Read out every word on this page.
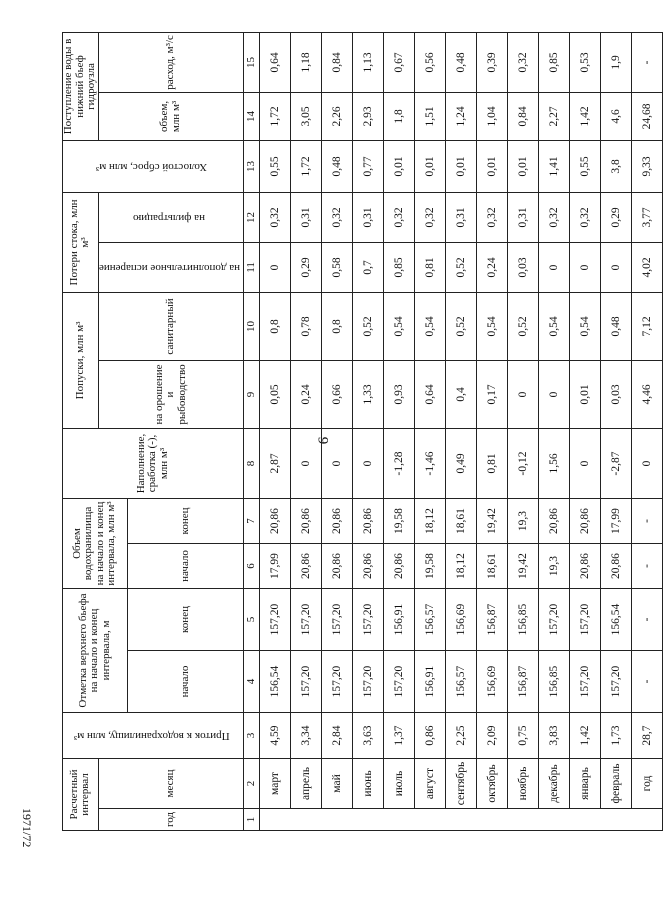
9
Расчетный интервал		Приток к водохранилищу, млн м³	Отметка верхнего бьефа на начало и конец интервала, м		Объем водохранилища на начало и конец интервала, млн м³		Наполнение, сработка (-), млн м³	Попуски, млн м³		Потери стока, млн м³		Холостой сброс, млн м³	Поступление воды в нижний бьеф гидроузла	
год	месяц							на орошение и рыбоводство	санитарный	на дополнительное испарение	на фильтрацию		объем, млн м³	расход, м³/с
			начало	конец	начало	конец								
1	2	3	4	5	6	7	8	9	10	11	12	13	14	15
	март	4,59	156,54	157,20	17,99	20,86	2,87	0,05	0,8	0	0,32	0,55	1,72	0,64
	апрель	3,34	157,20	157,20	20,86	20,86	0	0,24	0,78	0,29	0,31	1,72	3,05	1,18
	май	2,84	157,20	157,20	20,86	20,86	0	0,66	0,8	0,58	0,32	0,48	2,26	0,84
	июнь	3,63	157,20	157,20	20,86	20,86	0	1,33	0,52	0,7	0,31	0,77	2,93	1,13
	июль	1,37	157,20	156,91	20,86	19,58	-1,28	0,93	0,54	0,85	0,32	0,01	1,8	0,67
	август	0,86	156,91	156,57	19,58	18,12	-1,46	0,64	0,54	0,81	0,32	0,01	1,51	0,56
	сентябрь	2,25	156,57	156,69	18,12	18,61	0,49	0,4	0,52	0,52	0,31	0,01	1,24	0,48
	октябрь	2,09	156,69	156,87	18,61	19,42	0,81	0,17	0,54	0,24	0,32	0,01	1,04	0,39
	ноябрь	0,75	156,87	156,85	19,42	19,3	-0,12	0	0,52	0,03	0,31	0,01	0,84	0,32
	декабрь	3,83	156,85	157,20	19,3	20,86	1,56	0	0,54	0	0,32	1,41	2,27	0,85
	январь	1,42	157,20	157,20	20,86	20,86	0	0,01	0,54	0	0,32	0,55	1,42	0,53
	февраль	1,73	157,20	156,54	20,86	17,99	-2,87	0,03	0,48	0	0,29	3,8	4,6	1,9
	год	28,7	-	-	-	-	0	4,46	7,12	4,02	3,77	9,33	24,68	-
1971/72
